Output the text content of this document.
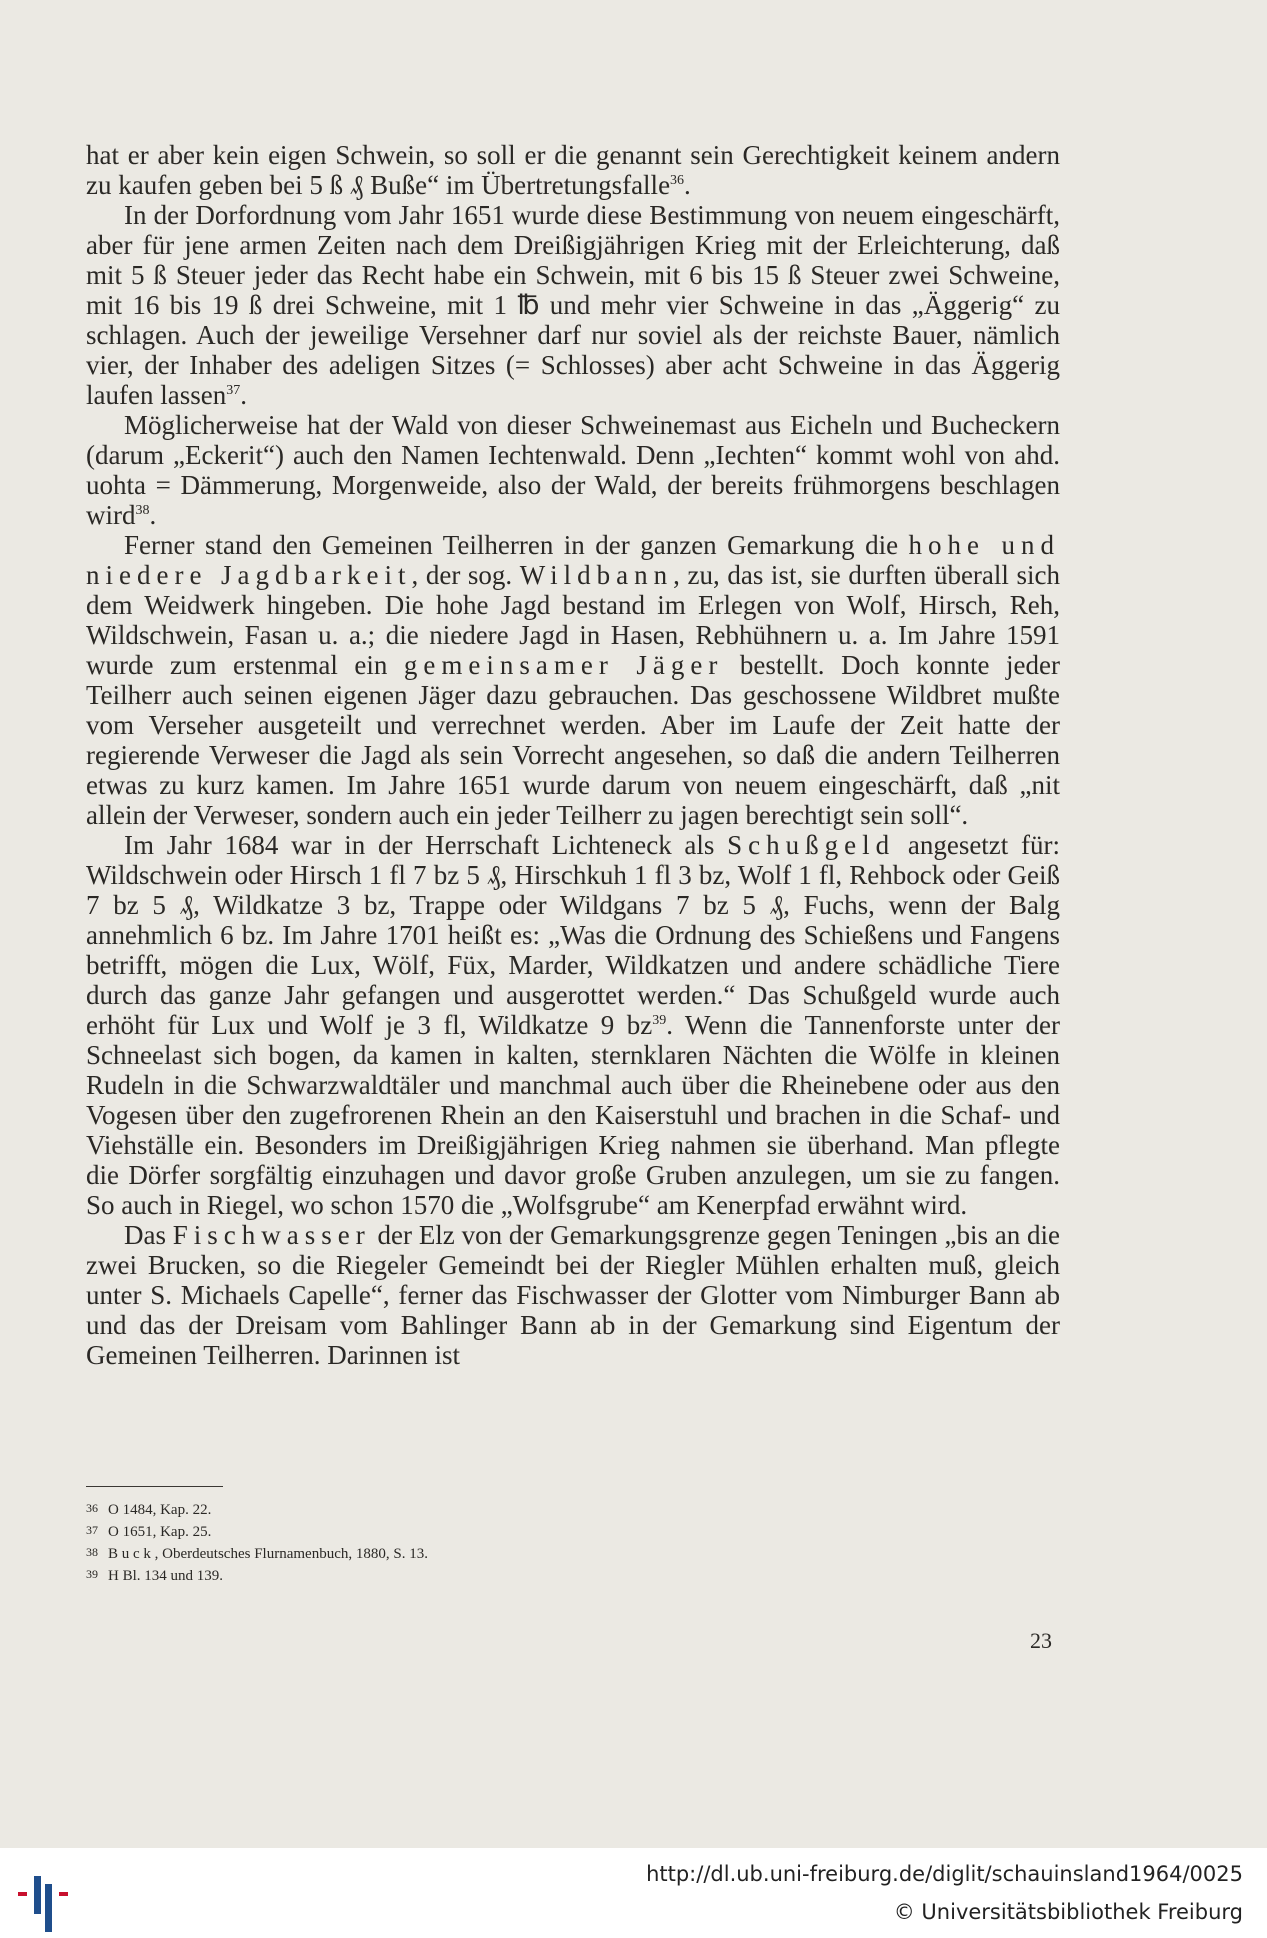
hat er aber kein eigen Schwein, so soll er die genannt sein Gerechtigkeit keinem andern zu kaufen geben bei 5 ß ₰ Buße“ im Übertretungsfalle$^{36}$.

In der Dorfordnung vom Jahr 1651 wurde diese Bestimmung von neuem eingeschärft, aber für jene armen Zeiten nach dem Dreißigjährigen Krieg mit der Erleichterung, daß mit 5 ß Steuer jeder das Recht habe ein Schwein, mit 6 bis 15 ß Steuer zwei Schweine, mit 16 bis 19 ß drei Schweine, mit 1 ℔ und mehr vier Schweine in das „Äggerig“ zu schlagen. Auch der jeweilige Versehner darf nur soviel als der reichste Bauer, nämlich vier, der Inhaber des adeligen Sitzes (= Schlosses) aber acht Schweine in das Äggerig laufen lassen$^{37}$.

Möglicherweise hat der Wald von dieser Schweinemast aus Eicheln und Bucheckern (darum „Eckerit“) auch den Namen Iechtenwald. Denn „Iechten“ kommt wohl von ahd. uohta = Dämmerung, Morgenweide, also der Wald, der bereits frühmorgens beschlagen wird$^{38}$.

Ferner stand den Gemeinen Teilherren in der ganzen Gemarkung die hohe und niedere Jagdbarkeit, der sog. Wildbann, zu, das ist, sie durften überall sich dem Weidwerk hingeben. Die hohe Jagd bestand im Erlegen von Wolf, Hirsch, Reh, Wildschwein, Fasan u. a.; die niedere Jagd in Hasen, Rebhühnern u. a. Im Jahre 1591 wurde zum erstenmal ein gemeinsamer Jäger bestellt. Doch konnte jeder Teilherr auch seinen eigenen Jäger dazu gebrauchen. Das geschossene Wildbret mußte vom Verseher ausgeteilt und verrechnet werden. Aber im Laufe der Zeit hatte der regierende Verweser die Jagd als sein Vorrecht angesehen, so daß die andern Teilherren etwas zu kurz kamen. Im Jahre 1651 wurde darum von neuem eingeschärft, daß „nit allein der Verweser, sondern auch ein jeder Teilherr zu jagen berechtigt sein soll“.

Im Jahr 1684 war in der Herrschaft Lichteneck als Schußgeld angesetzt für: Wildschwein oder Hirsch 1 fl 7 bz 5 ₰, Hirschkuh 1 fl 3 bz, Wolf 1 fl, Rehbock oder Geiß 7 bz 5 ₰, Wildkatze 3 bz, Trappe oder Wildgans 7 bz 5 ₰, Fuchs, wenn der Balg annehmlich 6 bz. Im Jahre 1701 heißt es: „Was die Ordnung des Schießens und Fangens betrifft, mögen die Lux, Wölf, Füx, Marder, Wildkatzen und andere schädliche Tiere durch das ganze Jahr gefangen und ausgerottet werden.“ Das Schußgeld wurde auch erhöht für Lux und Wolf je 3 fl, Wildkatze 9 $bz^{39}$. Wenn die Tannenforste unter der Schneelast sich bogen, da kamen in kalten, sternklaren Nächten die Wölfe in kleinen Rudeln in die Schwarzwaldtäler und manchmal auch über die Rheinebene oder aus den Vogesen über den zugefrorenen Rhein an den Kaiserstuhl und brachen in die Schaf- und Viehställe ein. Besonders im Dreißigjährigen Krieg nahmen sie überhand. Man pflegte die Dörfer sorgfältig einzuhagen und davor große Gruben anzulegen, um sie zu fangen. So auch in Riegel, wo schon 1570 die „Wolfsgrube“ am Kenerpfad erwähnt wird.

Das Fischwasser der Elz von der Gemarkungsgrenze gegen Teningen „bis an die zwei Brucken, so die Riegeler Gemeindt bei der Riegler Mühlen erhalten muß, gleich unter S. Michaels Capelle“, ferner das Fischwasser der Glotter vom Nimburger Bann ab und das der Dreisam vom Bahlinger Bann ab in der Gemarkung sind Eigentum der Gemeinen Teilherren. Darinnen ist

36 O 1484, Kap. 22.
37 O 1651, Kap. 25.
38 B u c k , Oberdeutsches Flurnamenbuch, 1880, S. 13.
39 H Bl. 134 und 139.
23
http://dl.ub.uni-freiburg.de/diglit/schauinsland1964/0025
© Universitätsbibliothek Freiburg
